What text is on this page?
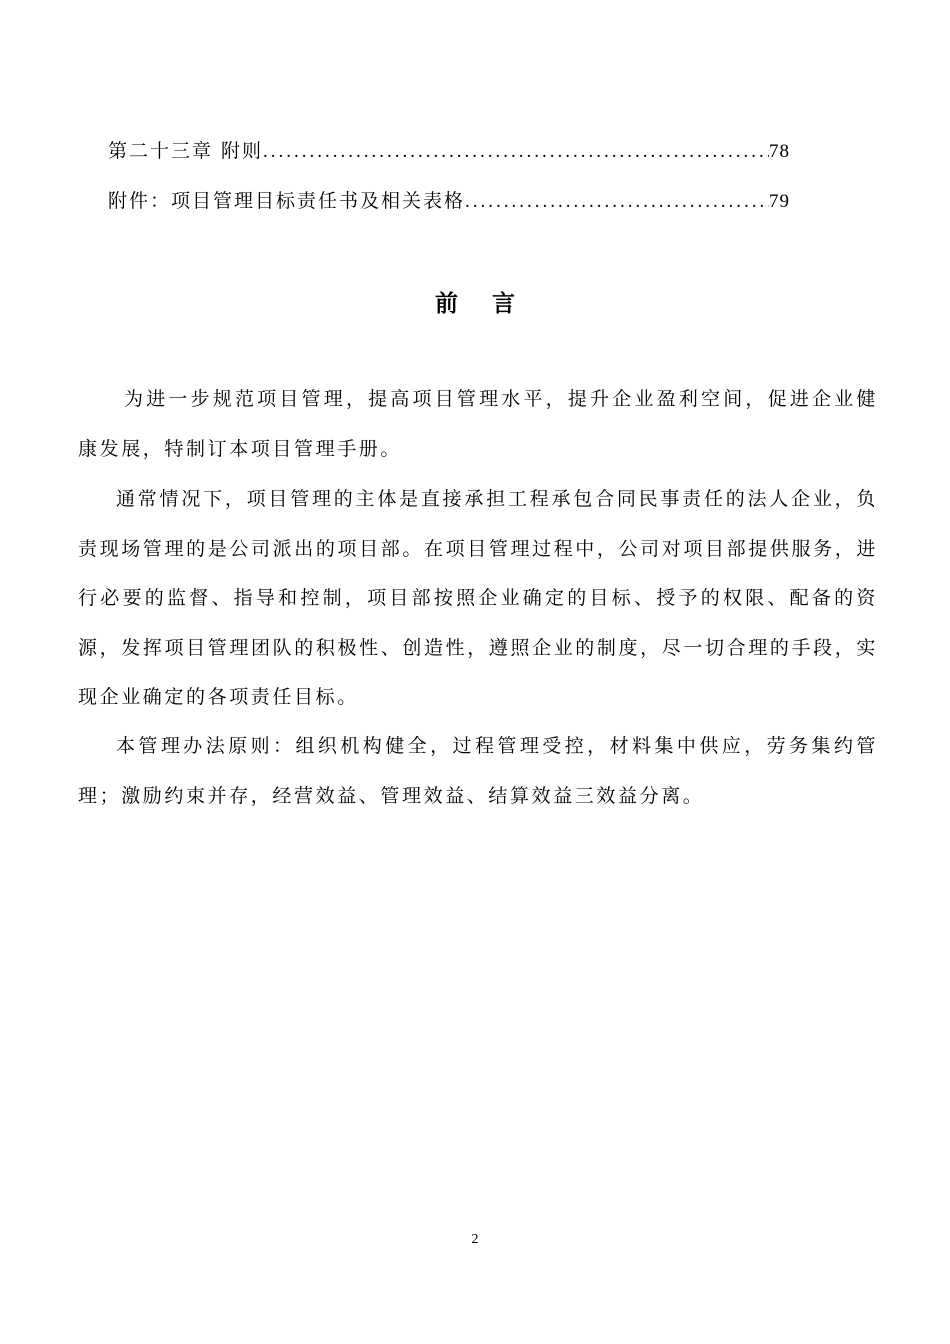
第二十三章 附则 .....	78
附件：项目管理目标责任书及相关表格 .....	79
前言

为进一步规范项目管理，提高项目管理水平，提升企业盈利空间，促进企业健康发展，特制订本项目管理手册。

通常情况下，项目管理的主体是直接承担工程承包合同民事责任的法人企业，负责现场管理的是公司派出的项目部。在项目管理过程中，公司对项目部提供服务，进行必要的监督、指导和控制，项目部按照企业确定的目标、授予的权限、配备的资源，发挥项目管理团队的积极性、创造性，遵照企业的制度，尽一切合理的手段，实现企业确定的各项责任目标。

本管理办法原则：组织机构健全，过程管理受控，材料集中供应，劳务集约管理；激励约束并存，经营效益、管理效益、结算效益三效益分离。

2
